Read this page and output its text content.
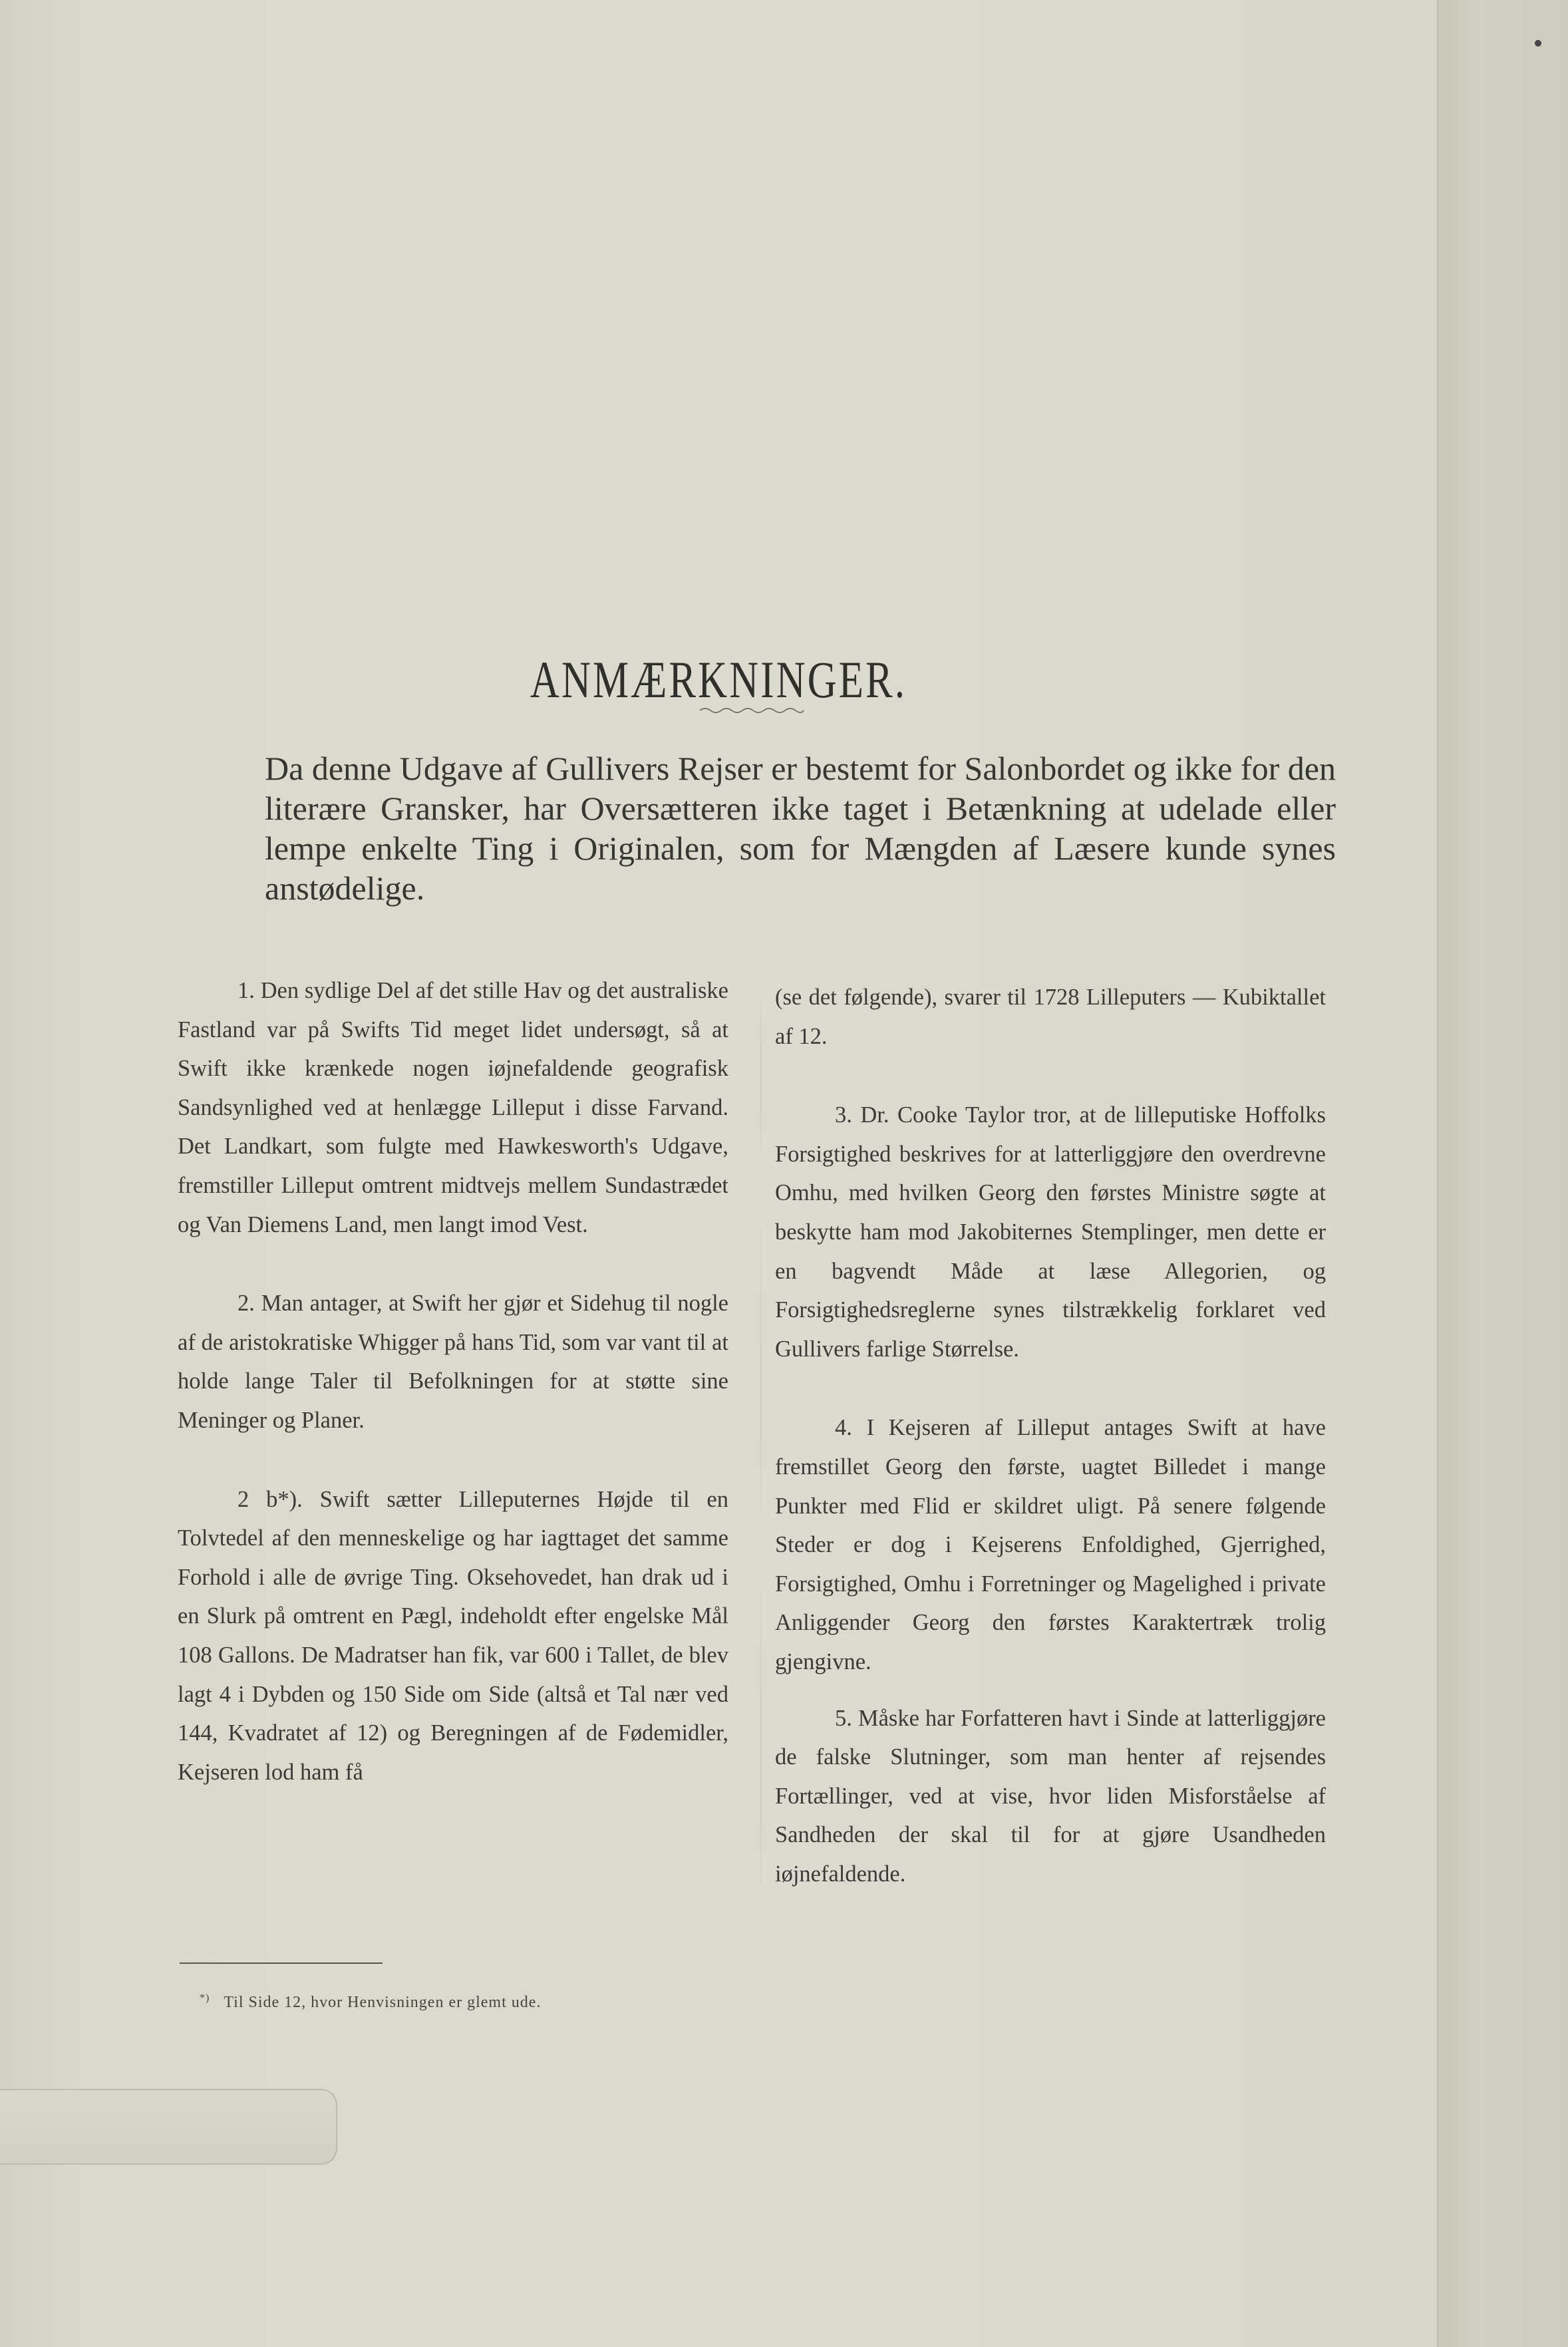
ANMÆRKNINGER.

Da denne Udgave af Gullivers Rejser er bestemt for Salonbordet og ikke for den literære Gransker, har Oversætteren ikke taget i Betænkning at udelade eller lempe enkelte Ting i Originalen, som for Mængden af Læsere kunde synes anstødelige.

1. Den sydlige Del af det stille Hav og det australiske Fastland var på Swifts Tid meget lidet undersøgt, så at Swift ikke krænkede nogen iøjnefaldende geografisk Sandsynlighed ved at henlægge Lilleput i disse Farvand. Det Landkart, som fulgte med Hawkesworth's Udgave, fremstiller Lilleput omtrent midtvejs mellem Sundastrædet og Van Diemens Land, men langt imod Vest.

2. Man antager, at Swift her gjør et Sidehug til nogle af de aristokratiske Whigger på hans Tid, som var vant til at holde lange Taler til Befolkningen for at støtte sine Meninger og Planer.

2 b*). Swift sætter Lilleputernes Højde til en Tolvtedel af den menneskelige og har iagttaget det samme Forhold i alle de øvrige Ting. Oksehovedet, han drak ud i en Slurk på omtrent en Pægl, indeholdt efter engelske Mål 108 Gallons. De Madratser han fik, var 600 i Tallet, de blev lagt 4 i Dybden og 150 Side om Side (altså et Tal nær ved 144, Kvadratet af 12) og Beregningen af de Fødemidler, Kejseren lod ham få

(se det følgende), svarer til 1728 Lilleputers — Kubiktallet af 12.

3. Dr. Cooke Taylor tror, at de lilleputiske Hoffolks Forsigtighed beskrives for at latterliggjøre den overdrevne Omhu, med hvilken Georg den førstes Ministre søgte at beskytte ham mod Jakobiternes Stemplinger, men dette er en bagvendt Måde at læse Allegorien, og Forsigtighedsreglerne synes tilstrækkelig forklaret ved Gullivers farlige Størrelse.

4. I Kejseren af Lilleput antages Swift at have fremstillet Georg den første, uagtet Billedet i mange Punkter med Flid er skildret uligt. På senere følgende Steder er dog i Kejserens Enfoldighed, Gjerrighed, Forsigtighed, Omhu i Forretninger og Magelighed i private Anliggender Georg den førstes Karaktertræk trolig gjengivne.

5. Måske har Forfatteren havt i Sinde at latterliggjøre de falske Slutninger, som man henter af rejsendes Fortællinger, ved at vise, hvor liden Misforståelse af Sandheden der skal til for at gjøre Usandheden iøjnefaldende.

*) Til Side 12, hvor Henvisningen er glemt ude.
